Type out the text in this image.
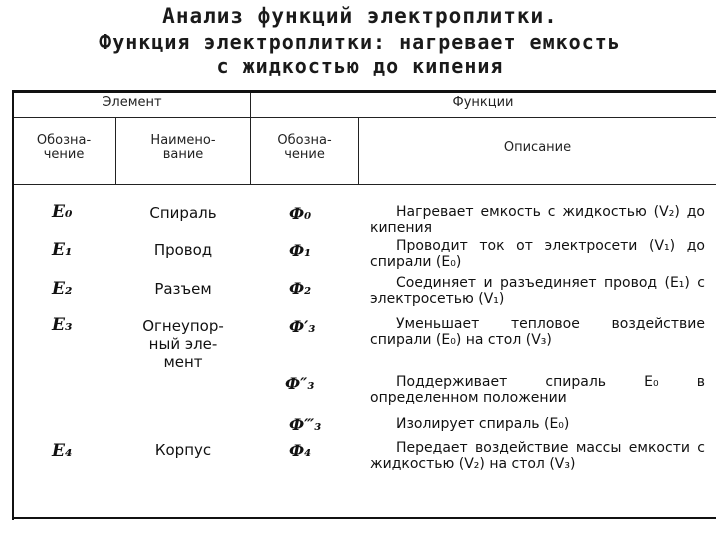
Анализ функций электроплитки.
Функция электроплитки: нагревает емкость
с жидкостью до кипения
Элемент	Функции
Обозна-
чение
Наимено-
вание
Обозна-
чение	Описание
E₀
E₁
E₂
E₃
E₄
Спираль
Провод
Разъем
Огнеупор-
ный эле-
мент
Корпус
Ф₀
Ф₁
Ф₂
Ф′₃
Ф″₃
Ф‴₃
Ф₄
Нагревает емкость с жидкостью (V₂) до кипения
Проводит ток от электросети (V₁) до спирали (E₀)
Соединяет и разъединяет провод (E₁) с электросетью (V₁)
Уменьшает тепловое воздействие спирали (E₀) на стол (V₃)
Поддерживает спираль E₀ в определенном положении
Изолирует спираль (E₀)
Передает воздействие массы емкости с жидкостью (V₂) на стол (V₃)
